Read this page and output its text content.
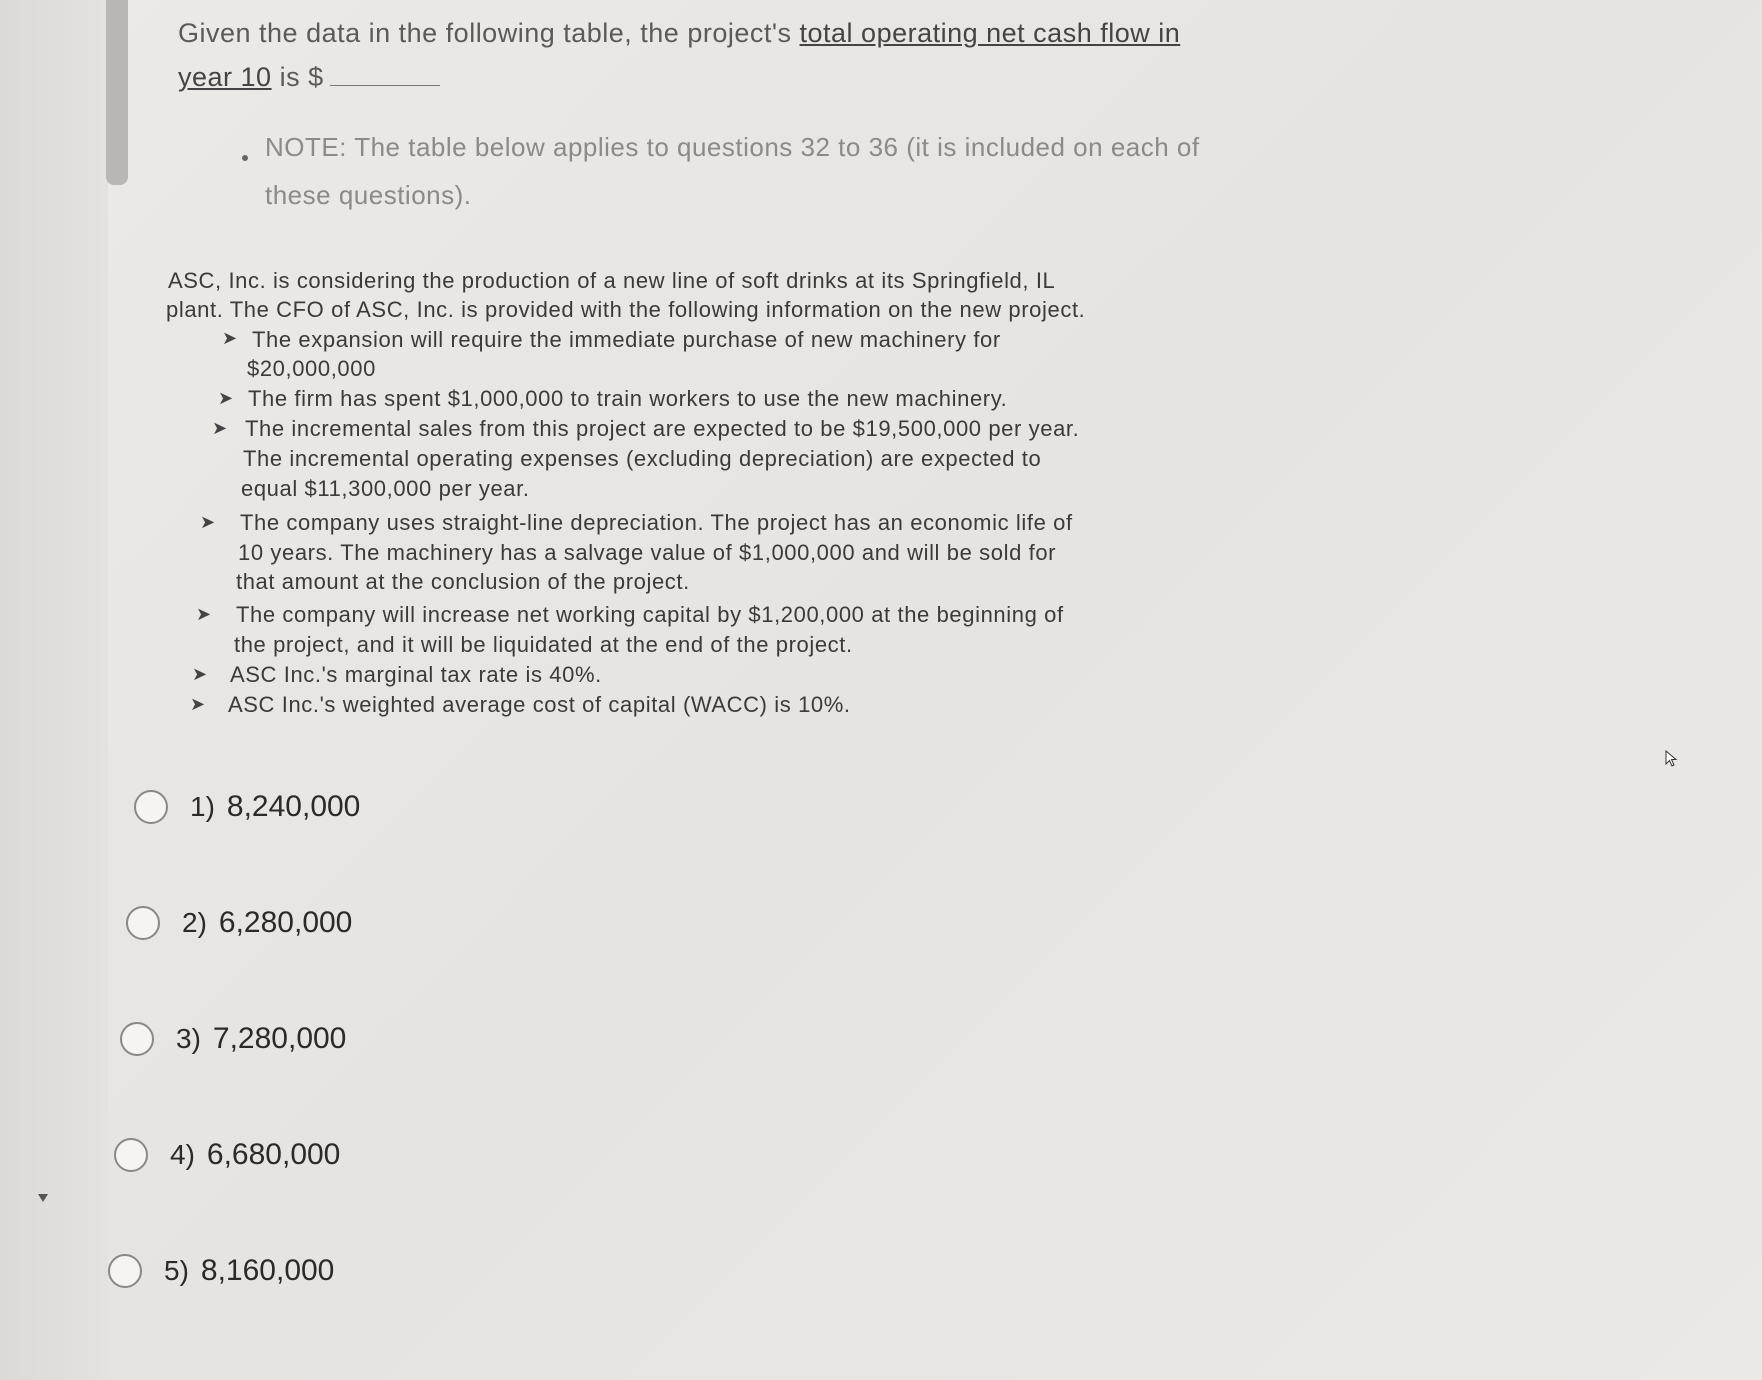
Given the data in the following table, the project's total operating net cash flow in
year 10 is $
NOTE: The table below applies to questions 32 to 36 (it is included on each of
these questions).
ASC, Inc. is considering the production of a new line of soft drinks at its Springfield, IL
plant. The CFO of ASC, Inc. is provided with the following information on the new project.
➤ The expansion will require the immediate purchase of new machinery for
$20,000,000
➤ The firm has spent $1,000,000 to train workers to use the new machinery.
➤ The incremental sales from this project are expected to be $19,500,000 per year.
The incremental operating expenses (excluding depreciation) are expected to
equal $11,300,000 per year.
➤ The company uses straight-line depreciation. The project has an economic life of
10 years. The machinery has a salvage value of $1,000,000 and will be sold for
that amount at the conclusion of the project.
➤ The company will increase net working capital by $1,200,000 at the beginning of
the project, and it will be liquidated at the end of the project.
➤ ASC Inc.'s marginal tax rate is 40%.
➤ ASC Inc.'s weighted average cost of capital (WACC) is 10%.
1) 8,240,000
2) 6,280,000
3) 7,280,000
4) 6,680,000
5) 8,160,000
